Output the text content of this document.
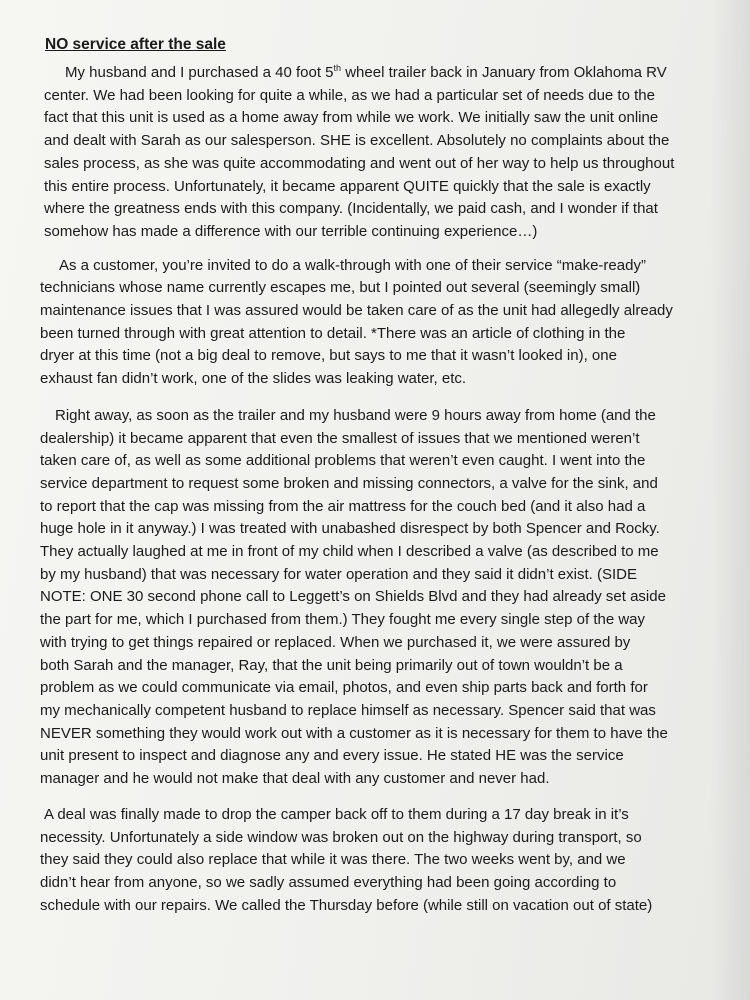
NO service after the sale
My husband and I purchased a 40 foot 5th wheel trailer back in January from Oklahoma RV
center. We had been looking for quite a while, as we had a particular set of needs due to the
fact that this unit is used as a home away from while we work. We initially saw the unit online
and dealt with Sarah as our salesperson. SHE is excellent. Absolutely no complaints about the
sales process, as she was quite accommodating and went out of her way to help us throughout
this entire process. Unfortunately, it became apparent QUITE quickly that the sale is exactly
where the greatness ends with this company. (Incidentally, we paid cash, and I wonder if that
somehow has made a difference with our terrible continuing experience…)
As a customer, you’re invited to do a walk-through with one of their service “make-ready”
technicians whose name currently escapes me, but I pointed out several (seemingly small)
maintenance issues that I was assured would be taken care of as the unit had allegedly already
been turned through with great attention to detail. *There was an article of clothing in the
dryer at this time (not a big deal to remove, but says to me that it wasn’t looked in), one
exhaust fan didn’t work, one of the slides was leaking water, etc.
Right away, as soon as the trailer and my husband were 9 hours away from home (and the
dealership) it became apparent that even the smallest of issues that we mentioned weren’t
taken care of, as well as some additional problems that weren’t even caught. I went into the
service department to request some broken and missing connectors, a valve for the sink, and
to report that the cap was missing from the air mattress for the couch bed (and it also had a
huge hole in it anyway.) I was treated with unabashed disrespect by both Spencer and Rocky.
They actually laughed at me in front of my child when I described a valve (as described to me
by my husband) that was necessary for water operation and they said it didn’t exist. (SIDE
NOTE: ONE 30 second phone call to Leggett’s on Shields Blvd and they had already set aside
the part for me, which I purchased from them.) They fought me every single step of the way
with trying to get things repaired or replaced. When we purchased it, we were assured by
both Sarah and the manager, Ray, that the unit being primarily out of town wouldn’t be a
problem as we could communicate via email, photos, and even ship parts back and forth for
my mechanically competent husband to replace himself as necessary. Spencer said that was
NEVER something they would work out with a customer as it is necessary for them to have the
unit present to inspect and diagnose any and every issue. He stated HE was the service
manager and he would not make that deal with any customer and never had.
A deal was finally made to drop the camper back off to them during a 17 day break in it’s
necessity. Unfortunately a side window was broken out on the highway during transport, so
they said they could also replace that while it was there. The two weeks went by, and we
didn’t hear from anyone, so we sadly assumed everything had been going according to
schedule with our repairs. We called the Thursday before (while still on vacation out of state)
